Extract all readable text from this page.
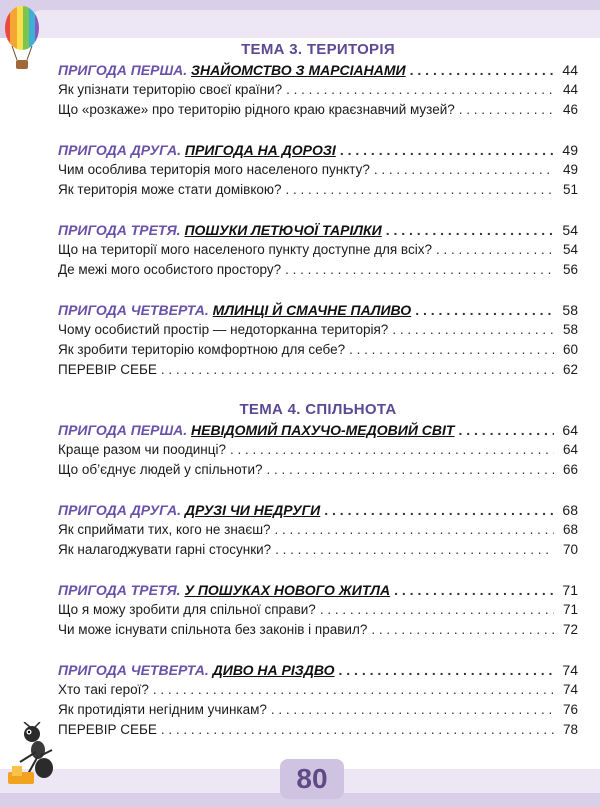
80
ТЕМА 3. ТЕРИТОРІЯ
ПРИГОДА ПЕРША. ЗНАЙОМСТВО З МАРСІАНАМИ . . .	44
Як упізнати територію своєї країни? . . .	44
Що «розкаже» про територію рідного краю краєзнавчий музей? . . .	46
ПРИГОДА ДРУГА. ПРИГОДА НА ДОРОЗІ . . .	49
Чим особлива територія мого населеного пункту? . . .	49
Як територія може стати домівкою? . . .	51
ПРИГОДА ТРЕТЯ. ПОШУКИ ЛЕТЮЧОЇ ТАРІЛКИ . . .	54
Що на території мого населеного пункту доступне для всіх? . . .	54
Де межі мого особистого простору? . . .	56
ПРИГОДА ЧЕТВЕРТА. МЛИНЦІ Й СМАЧНЕ ПАЛИВО . . .	58
Чому особистий простір — недоторканна територія? . . .	58
Як зробити територію комфортною для себе? . . .	60
ПЕРЕВІР СЕБЕ . . .	62
ТЕМА 4. СПІЛЬНОТА
ПРИГОДА ПЕРША. НЕВІДОМИЙ ПАХУЧО-МЕДОВИЙ СВІТ . . .	64
Краще разом чи поодинці? . . .	64
Що об’єднує людей у спільноти? . . .	66
ПРИГОДА ДРУГА. ДРУЗІ ЧИ НЕДРУГИ . . .	68
Як сприймати тих, кого не знаєш? . . .	68
Як налагоджувати гарні стосунки? . . .	70
ПРИГОДА ТРЕТЯ. У ПОШУКАХ НОВОГО ЖИТЛА . . .	71
Що я можу зробити для спільної справи? . . .	71
Чи може існувати спільнота без законів і правил? . . .	72
ПРИГОДА ЧЕТВЕРТА. ДИВО НА РІЗДВО . . .	74
Хто такі герої? . . .	74
Як протидіяти негідним учинкам? . . .	76
ПЕРЕВІР СЕБЕ . . .	78
